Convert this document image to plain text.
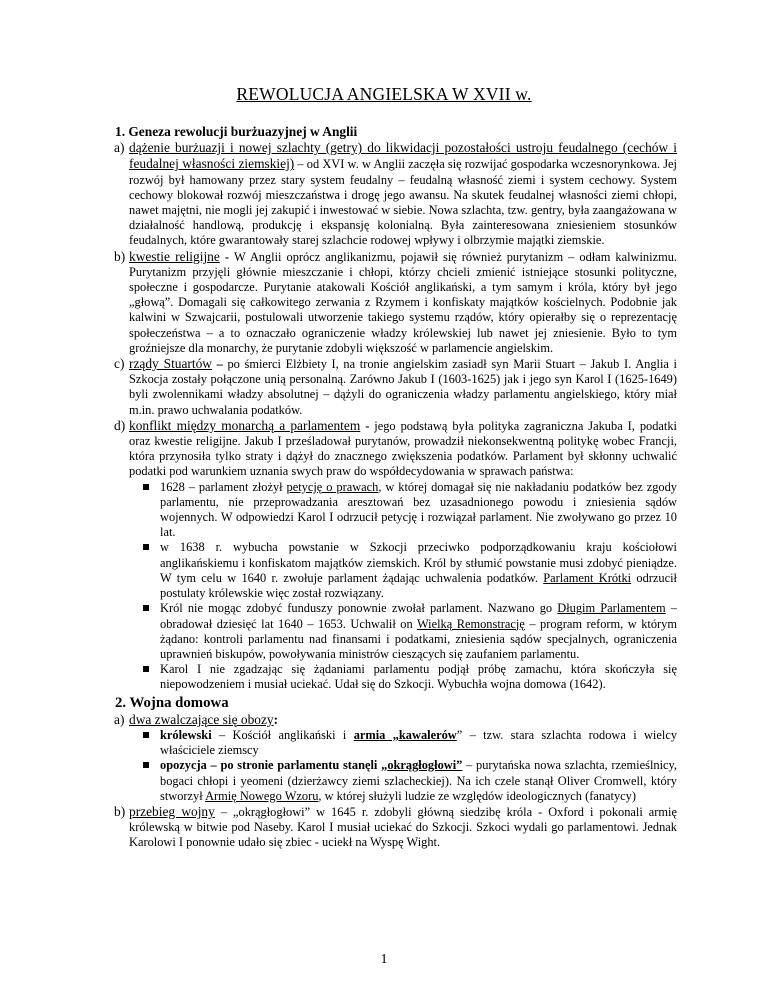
REWOLUCJA ANGIELSKA W XVII w.
1. Geneza rewolucji burżuazyjnej w Anglii
a) dążenie burżuazji i nowej szlachty (getry) do likwidacji pozostałości ustroju feudalnego (cechów i feudalnej własności ziemskiej) – od XVI w. w Anglii zaczęła się rozwijać gospodarka wczesnorynkowa. Jej rozwój był hamowany przez stary system feudalny – feudalną własność ziemi i system cechowy. System cechowy blokował rozwój mieszczaństwa i drogę jego awansu. Na skutek feudalnej własności ziemi chłopi, nawet majętni, nie mogli jej zakupić i inwestować w siebie. Nowa szlachta, tzw. gentry, była zaangażowana w działalność handlową, produkcję i ekspansję kolonialną. Była zainteresowana zniesieniem stosunków feudalnych, które gwarantowały starej szlachcie rodowej wpływy i olbrzymie majątki ziemskie.
b) kwestie religijne - W Anglii oprócz anglikanizmu, pojawił się również purytanizm – odłam kalwinizmu. Purytanizm przyjęli głównie mieszczanie i chłopi, którzy chcieli zmienić istniejące stosunki polityczne, społeczne i gospodarcze. Purytanie atakowali Kościół anglikański, a tym samym i króla, który był jego „głową”. Domagali się całkowitego zerwania z Rzymem i konfiskaty majątków kościelnych. Podobnie jak kalwini w Szwajcarii, postulowali utworzenie takiego systemu rządów, który opierałby się o reprezentację społeczeństwa – a to oznaczało ograniczenie władzy królewskiej lub nawet jej zniesienie. Było to tym groźniejsze dla monarchy, że purytanie zdobyli większość w parlamencie angielskim.
c) rządy Stuartów – po śmierci Elżbiety I, na tronie angielskim zasiadł syn Marii Stuart – Jakub I. Anglia i Szkocja zostały połączone unią personalną. Zarówno Jakub I (1603-1625) jak i jego syn Karol I (1625-1649) byli zwolennikami władzy absolutnej – dążyli do ograniczenia władzy parlamentu angielskiego, który miał m.in. prawo uchwalania podatków.
d) konflikt między monarchą a parlamentem - jego podstawą była polityka zagraniczna Jakuba I, podatki oraz kwestie religijne. Jakub I prześladował purytanów, prowadził niekonsekwentną politykę wobec Francji, która przynosiła tylko straty i dążył do znacznego zwiększenia podatków. Parlament był skłonny uchwalić podatki pod warunkiem uznania swych praw do współdecydowania w sprawach państwa:
1628 – parlament złożył petycję o prawach, w której domagał się nie nakładaniu podatków bez zgody parlamentu, nie przeprowadzania aresztowań bez uzasadnionego powodu i zniesienia sądów wojennych. W odpowiedzi Karol I odrzucił petycję i rozwiązał parlament. Nie zwoływano go przez 10 lat.
w 1638 r. wybucha powstanie w Szkocji przeciwko podporządkowaniu kraju kościołowi anglikańskiemu i konfiskatom majątków ziemskich. Król by stłumić powstanie musi zdobyć pieniądze. W tym celu w 1640 r. zwołuje parlament żądając uchwalenia podatków. Parlament Krótki odrzucił postulaty królewskie więc został rozwiązany.
Król nie mogąc zdobyć funduszy ponownie zwołał parlament. Nazwano go Długim Parlamentem – obradował dziesięć lat 1640 – 1653. Uchwalił on Wielką Remonstrację – program reform, w którym żądano: kontroli parlamentu nad finansami i podatkami, zniesienia sądów specjalnych, ograniczenia uprawnień biskupów, powoływania ministrów cieszących się zaufaniem parlamentu.
Karol I nie zgadzając się żądaniami parlamentu podjął próbę zamachu, która skończyła się niepowodzeniem i musiał uciekać. Udał się do Szkocji. Wybuchła wojna domowa (1642).
2. Wojna domowa
a) dwa zwalczające się obozy:
królewski – Kościół anglikański i armia „kawalerów” – tzw. stara szlachta rodowa i wielcy właściciele ziemscy
opozycja – po stronie parlamentu stanęli „okrągłogłowi” – purytańska nowa szlachta, rzemieślnicy, bogaci chłopi i yeomeni (dzierżawcy ziemi szlacheckiej). Na ich czele stanął Oliver Cromwell, który stworzył Armię Nowego Wzoru, w której służyli ludzie ze względów ideologicznych (fanatycy)
b) przebieg wojny – „okrągłogłowi” w 1645 r. zdobyli główną siedzibę króla - Oxford i pokonali armię królewską w bitwie pod Naseby. Karol I musiał uciekać do Szkocji. Szkoci wydali go parlamentowi. Jednak Karolowi I ponownie udało się zbiec - uciekł na Wyspę Wight.
1
